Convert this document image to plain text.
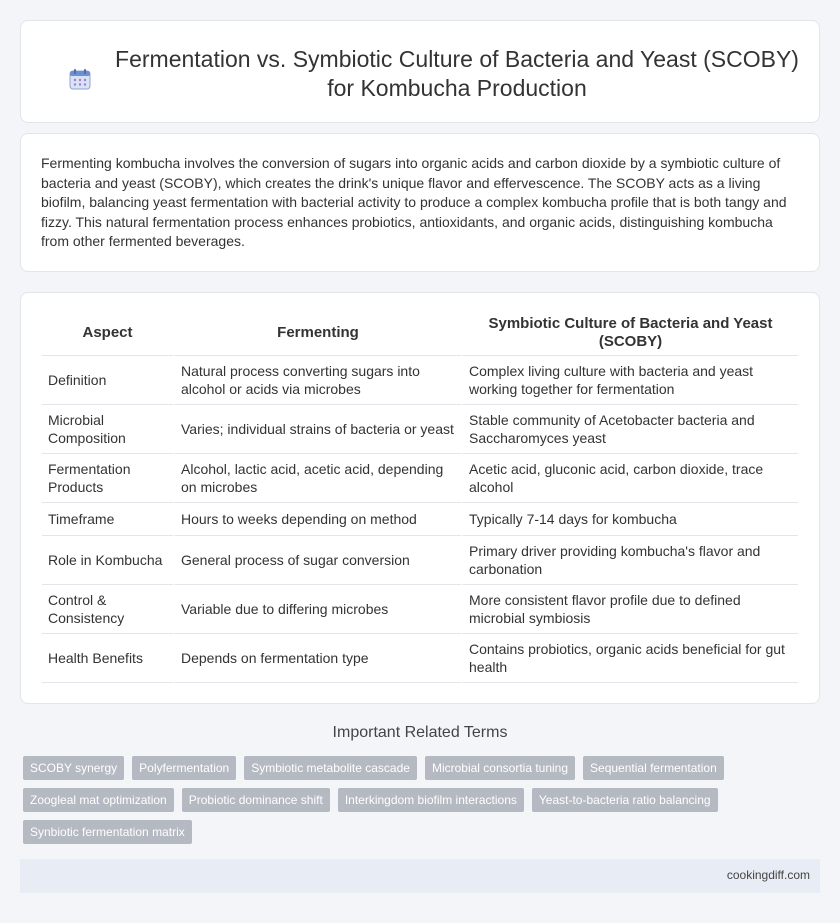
Fermentation vs. Symbiotic Culture of Bacteria and Yeast (SCOBY) for Kombucha Production

Fermenting kombucha involves the conversion of sugars into organic acids and carbon dioxide by a symbiotic culture of bacteria and yeast (SCOBY), which creates the drink's unique flavor and effervescence. The SCOBY acts as a living biofilm, balancing yeast fermentation with bacterial activity to produce a complex kombucha profile that is both tangy and fizzy. This natural fermentation process enhances probiotics, antioxidants, and organic acids, distinguishing kombucha from other fermented beverages.

Aspect	Fermenting	Symbiotic Culture of Bacteria and Yeast (SCOBY)
Definition	Natural process converting sugars into alcohol or acids via microbes	Complex living culture with bacteria and yeast working together for fermentation
Microbial Composition	Varies; individual strains of bacteria or yeast	Stable community of Acetobacter bacteria and Saccharomyces yeast
Fermentation Products	Alcohol, lactic acid, acetic acid, depending on microbes	Acetic acid, gluconic acid, carbon dioxide, trace alcohol
Timeframe	Hours to weeks depending on method	Typically 7-14 days for kombucha
Role in Kombucha	General process of sugar conversion	Primary driver providing kombucha's flavor and carbonation
Control & Consistency	Variable due to differing microbes	More consistent flavor profile due to defined microbial symbiosis
Health Benefits	Depends on fermentation type	Contains probiotics, organic acids beneficial for gut health
Important Related Terms
SCOBY synergy	Polyfermentation	Symbiotic metabolite cascade	Microbial consortia tuning	Sequential fermentation
Zoogleal mat optimization	Probiotic dominance shift	Interkingdom biofilm interactions	Yeast-to-bacteria ratio balancing
Synbiotic fermentation matrix
cookingdiff.com
